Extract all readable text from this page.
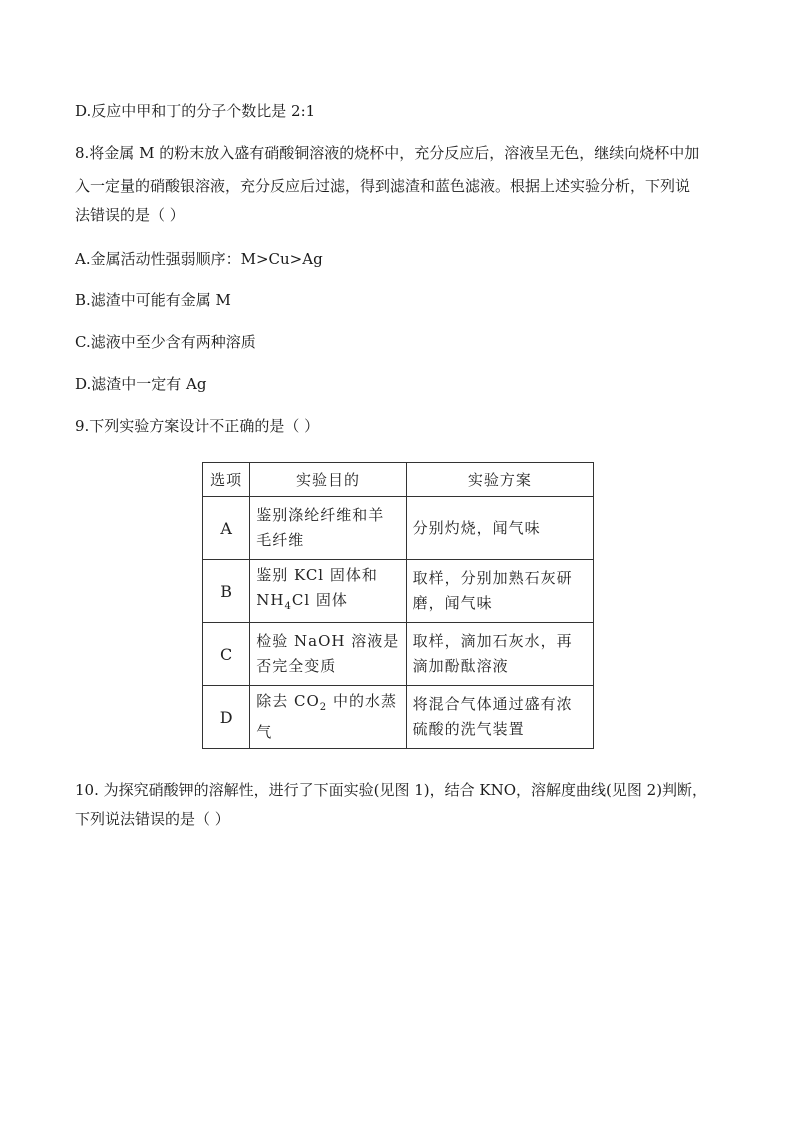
D.反应中甲和丁的分子个数比是 2:1
8.将金属 M 的粉末放入盛有硝酸铜溶液的烧杯中，充分反应后，溶液呈无色，继续向烧杯中加
入一定量的硝酸银溶液，充分反应后过滤，得到滤渣和蓝色滤液。根据上述实验分析，下列说
法错误的是（ ）
A.金属活动性强弱顺序：M>Cu>Ag
B.滤渣中可能有金属 M
C.滤液中至少含有两种溶质
D.滤渣中一定有 Ag
9.下列实验方案设计不正确的是（ ）
选项	实验目的	实验方案
A	鉴别涤纶纤维和羊毛纤维	分别灼烧，闻气味
B	鉴别 KCl 固体和 $NH_4Cl$ 固体	取样，分别加熟石灰研磨，闻气味
C	检验 NaOH 溶液是否完全变质	取样，滴加石灰水，再滴加酚酞溶液
D	除去 $CO_2$ 中的水蒸气	将混合气体通过盛有浓硫酸的洗气装置
10. 为探究硝酸钾的溶解性，进行了下面实验(见图 1)，结合 KNO，溶解度曲线(见图 2)判断，
下列说法错误的是（ ）
